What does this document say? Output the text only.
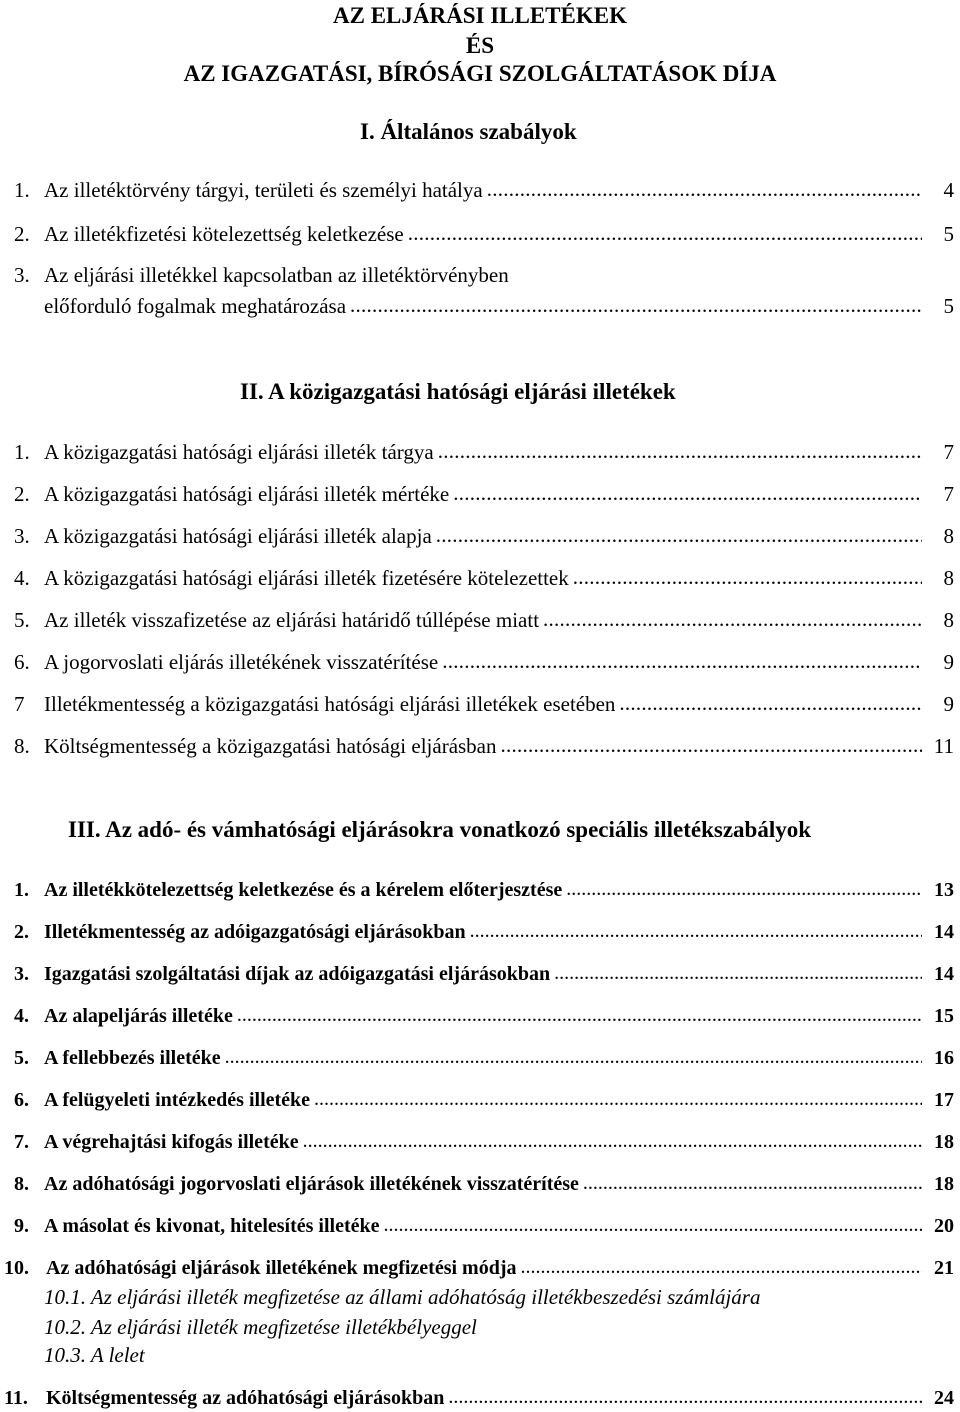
AZ ELJÁRÁSI ILLETÉKEK
ÉS
AZ IGAZGATÁSI, BÍRÓSÁGI SZOLGÁLTATÁSOK DÍJA
I. Általános szabályok
1. Az illetéktörvény tárgyi, területi és személyi hatálya . . .	4
2. Az illetékfizetési kötelezettség keletkezése . . .	5
3. Az eljárási illetékkel kapcsolatban az illetéktörvényben
előforduló fogalmak meghatározása . . .	5
II. A közigazgatási hatósági eljárási illetékek
1. A közigazgatási hatósági eljárási illeték tárgya . . .	7
2. A közigazgatási hatósági eljárási illeték mértéke . . .	7
3. A közigazgatási hatósági eljárási illeték alapja . . .	8
4. A közigazgatási hatósági eljárási illeték fizetésére kötelezettek . . .	8
5. Az illeték visszafizetése az eljárási határidő túllépése miatt . . .	8
6. A jogorvoslati eljárás illetékének visszatérítése . . .	9
7 Illetékmentesség a közigazgatási hatósági eljárási illetékek esetében . . .	9
8. Költségmentesség a közigazgatási hatósági eljárásban . . .	11
III. Az adó- és vámhatósági eljárásokra vonatkozó speciális illetékszabályok
1. Az illetékkötelezettség keletkezése és a kérelem előterjesztése . . .	13
2. Illetékmentesség az adóigazgatósági eljárásokban . . .	14
3. Igazgatási szolgáltatási díjak az adóigazgatási eljárásokban . . .	14
4. Az alapeljárás illetéke . . .	15
5. A fellebbezés illetéke . . .	16
6. A felügyeleti intézkedés illetéke . . .	17
7. A végrehajtási kifogás illetéke . . .	18
8. Az adóhatósági jogorvoslati eljárások illetékének visszatérítése . . .	18
9. A másolat és kivonat, hitelesítés illetéke . . .	20
10. Az adóhatósági eljárások illetékének megfizetési módja . . .	21
10.1. Az eljárási illeték megfizetése az állami adóhatóság illetékbeszedési számlájára
10.2. Az eljárási illeték megfizetése illetékbélyeggel
10.3. A lelet
11. Költségmentesség az adóhatósági eljárásokban . . .	24
